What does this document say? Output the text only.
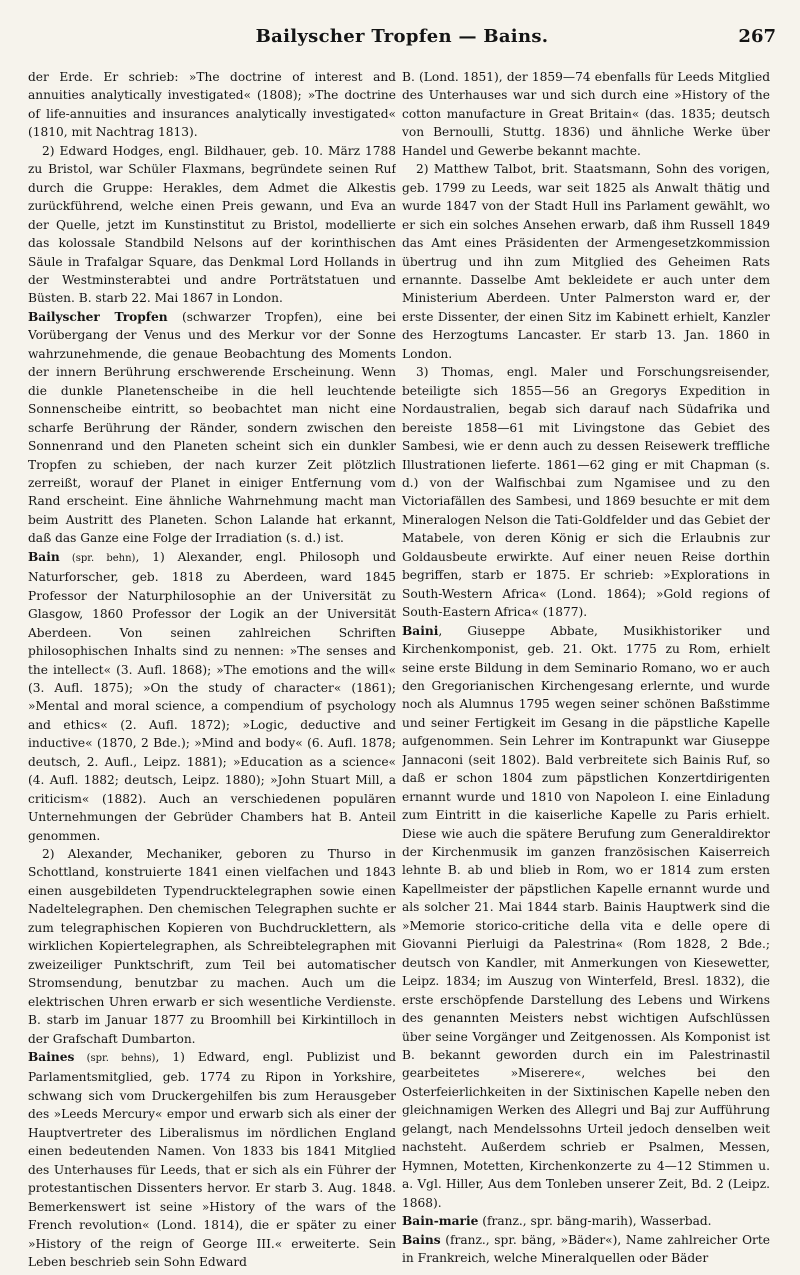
Bailyscher Tropfen — Bains.	267

der Erde. Er schrieb: »The doctrine of interest and annuities analytically investigated« (1808); »The doctrine of life-annuities and insurances analytically investigated« (1810, mit Nachtrag 1813).

2) Edward Hodges, engl. Bildhauer, geb. 10. März 1788 zu Bristol, war Schüler Flaxmans, begründete seinen Ruf durch die Gruppe: Herakles, dem Admet die Alkestis zurückführend, welche einen Preis gewann, und Eva an der Quelle, jetzt im Kunstinstitut zu Bristol, modellierte das kolossale Standbild Nelsons auf der korinthischen Säule in Trafalgar Square, das Denkmal Lord Hollands in der Westminsterabtei und andre Porträtstatuen und Büsten. B. starb 22. Mai 1867 in London.

Bailyscher Tropfen (schwarzer Tropfen), eine bei Vorübergang der Venus und des Merkur vor der Sonne wahrzunehmende, die genaue Beobachtung des Moments der innern Berührung erschwerende Erscheinung. Wenn die dunkle Planetenscheibe in die hell leuchtende Sonnenscheibe eintritt, so beobachtet man nicht eine scharfe Berührung der Ränder, sondern zwischen den Sonnenrand und den Planeten scheint sich ein dunkler Tropfen zu schieben, der nach kurzer Zeit plötzlich zerreißt, worauf der Planet in einiger Entfernung vom Rand erscheint. Eine ähnliche Wahrnehmung macht man beim Austritt des Planeten. Schon Lalande hat erkannt, daß das Ganze eine Folge der Irradiation (s. d.) ist.

Bain (spr. behn), 1) Alexander, engl. Philosoph und Naturforscher, geb. 1818 zu Aberdeen, ward 1845 Professor der Naturphilosophie an der Universität zu Glasgow, 1860 Professor der Logik an der Universität Aberdeen. Von seinen zahlreichen Schriften philosophischen Inhalts sind zu nennen: »The senses and the intellect« (3. Aufl. 1868); »The emotions and the will« (3. Aufl. 1875); »On the study of character« (1861); »Mental and moral science, a compendium of psychology and ethics« (2. Aufl. 1872); »Logic, deductive and inductive« (1870, 2 Bde.); »Mind and body« (6. Aufl. 1878; deutsch, 2. Aufl., Leipz. 1881); »Education as a science« (4. Aufl. 1882; deutsch, Leipz. 1880); »John Stuart Mill, a criticism« (1882). Auch an verschiedenen populären Unternehmungen der Gebrüder Chambers hat B. Anteil genommen.

2) Alexander, Mechaniker, geboren zu Thurso in Schottland, konstruierte 1841 einen vielfachen und 1843 einen ausgebildeten Typendrucktelegraphen sowie einen Nadeltelegraphen. Den chemischen Telegraphen suchte er zum telegraphischen Kopieren von Buchdrucklettern, als wirklichen Kopiertelegraphen, als Schreibtelegraphen mit zweizeiliger Punktschrift, zum Teil bei automatischer Stromsendung, benutzbar zu machen. Auch um die elektrischen Uhren erwarb er sich wesentliche Verdienste. B. starb im Januar 1877 zu Broomhill bei Kirkintilloch in der Grafschaft Dumbarton.

Baines (spr. behns), 1) Edward, engl. Publizist und Parlamentsmitglied, geb. 1774 zu Ripon in Yorkshire, schwang sich vom Druckergehilfen bis zum Herausgeber des »Leeds Mercury« empor und erwarb sich als einer der Hauptvertreter des Liberalismus im nördlichen England einen bedeutenden Namen. Von 1833 bis 1841 Mitglied des Unterhauses für Leeds, that er sich als ein Führer der protestantischen Dissenters hervor. Er starb 3. Aug. 1848. Bemerkenswert ist seine »History of the wars of the French revolution« (Lond. 1814), die er später zu einer »History of the reign of George III.« erweiterte. Sein Leben beschrieb sein Sohn Edward

B. (Lond. 1851), der 1859—74 ebenfalls für Leeds Mitglied des Unterhauses war und sich durch eine »History of the cotton manufacture in Great Britain« (das. 1835; deutsch von Bernoulli, Stuttg. 1836) und ähnliche Werke über Handel und Gewerbe bekannt machte.

2) Matthew Talbot, brit. Staatsmann, Sohn des vorigen, geb. 1799 zu Leeds, war seit 1825 als Anwalt thätig und wurde 1847 von der Stadt Hull ins Parlament gewählt, wo er sich ein solches Ansehen erwarb, daß ihm Russell 1849 das Amt eines Präsidenten der Armengesetzkommission übertrug und ihn zum Mitglied des Geheimen Rats ernannte. Dasselbe Amt bekleidete er auch unter dem Ministerium Aberdeen. Unter Palmerston ward er, der erste Dissenter, der einen Sitz im Kabinett erhielt, Kanzler des Herzogtums Lancaster. Er starb 13. Jan. 1860 in London.

3) Thomas, engl. Maler und Forschungsreisender, beteiligte sich 1855—56 an Gregorys Expedition in Nordaustralien, begab sich darauf nach Südafrika und bereiste 1858—61 mit Livingstone das Gebiet des Sambesi, wie er denn auch zu dessen Reisewerk treffliche Illustrationen lieferte. 1861—62 ging er mit Chapman (s. d.) von der Walfischbai zum Ngamisee und zu den Victoriafällen des Sambesi, und 1869 besuchte er mit dem Mineralogen Nelson die Tati-Goldfelder und das Gebiet der Matabele, von deren König er sich die Erlaubnis zur Goldausbeute erwirkte. Auf einer neuen Reise dorthin begriffen, starb er 1875. Er schrieb: »Explorations in South-Western Africa« (Lond. 1864); »Gold regions of South-Eastern Africa« (1877).

Baini, Giuseppe Abbate, Musikhistoriker und Kirchenkomponist, geb. 21. Okt. 1775 zu Rom, erhielt seine erste Bildung in dem Seminario Romano, wo er auch den Gregorianischen Kirchengesang erlernte, und wurde noch als Alumnus 1795 wegen seiner schönen Baßstimme und seiner Fertigkeit im Gesang in die päpstliche Kapelle aufgenommen. Sein Lehrer im Kontrapunkt war Giuseppe Jannaconi (seit 1802). Bald verbreitete sich Bainis Ruf, so daß er schon 1804 zum päpstlichen Konzertdirigenten ernannt wurde und 1810 von Napoleon I. eine Einladung zum Eintritt in die kaiserliche Kapelle zu Paris erhielt. Diese wie auch die spätere Berufung zum Generaldirektor der Kirchenmusik im ganzen französischen Kaiserreich lehnte B. ab und blieb in Rom, wo er 1814 zum ersten Kapellmeister der päpstlichen Kapelle ernannt wurde und als solcher 21. Mai 1844 starb. Bainis Hauptwerk sind die »Memorie storico-critiche della vita e delle opere di Giovanni Pierluigi da Palestrina« (Rom 1828, 2 Bde.; deutsch von Kandler, mit Anmerkungen von Kiesewetter, Leipz. 1834; im Auszug von Winterfeld, Bresl. 1832), die erste erschöpfende Darstellung des Lebens und Wirkens des genannten Meisters nebst wichtigen Aufschlüssen über seine Vorgänger und Zeitgenossen. Als Komponist ist B. bekannt geworden durch ein im Palestrinastil gearbeitetes »Miserere«, welches bei den Osterfeierlichkeiten in der Sixtinischen Kapelle neben den gleichnamigen Werken des Allegri und Baj zur Aufführung gelangt, nach Mendelssohns Urteil jedoch denselben weit nachsteht. Außerdem schrieb er Psalmen, Messen, Hymnen, Motetten, Kirchenkonzerte zu 4—12 Stimmen u. a. Vgl. Hiller, Aus dem Tonleben unserer Zeit, Bd. 2 (Leipz. 1868).

Bain-marie (franz., spr. bäng-marih), Wasserbad.

Bains (franz., spr. bäng, »Bäder«), Name zahlreicher Orte in Frankreich, welche Mineralquellen oder Bäder
